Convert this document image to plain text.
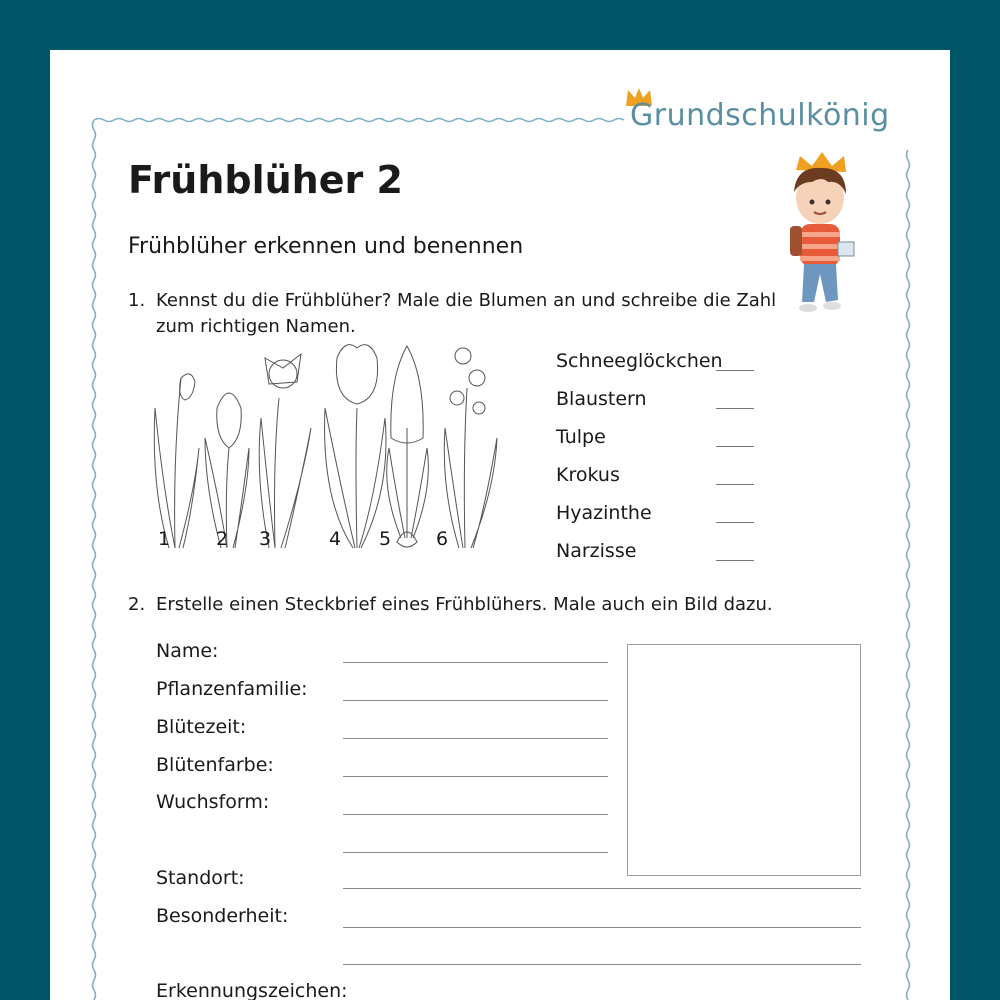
Grundschulkönig
Frühblüher 2
Frühblüher erkennen und benennen
1. Kennst du die Frühblüher? Male die Blumen an und schreibe die Zahl
zum richtigen Namen.
1 2 3	4 5 6
Schneeglöckchen
Blaustern
Tulpe
Krokus
Hyazinthe
Narzisse
2. Erstelle einen Steckbrief eines Frühblühers. Male auch ein Bild dazu.
Name:
Pflanzenfamilie:
Blütezeit:
Blütenfarbe:
Wuchsform:
Standort:
Besonderheit:
Erkennungszeichen:
